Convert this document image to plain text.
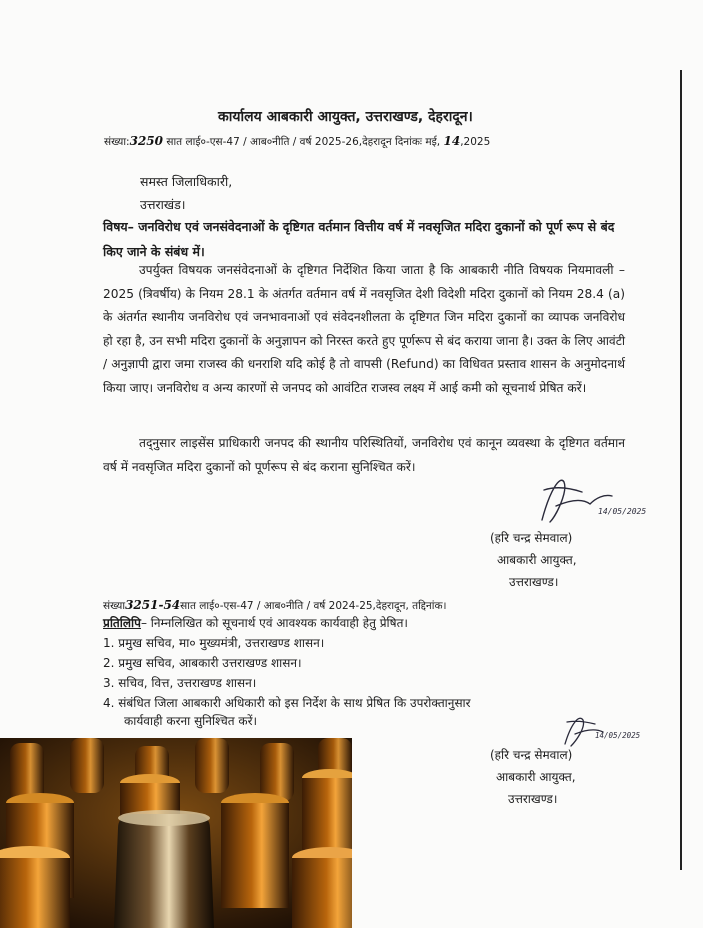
कार्यालय आबकारी आयुक्त, उत्तराखण्ड, देहरादून।
संख्या:3250 सात लाई०-एस-47 / आब०नीति / वर्ष 2025-26,देहरादून दिनांकः मई, 14,2025
समस्त जिलाधिकारी,
उत्तराखंड।
विषय– जनविरोध एवं जनसंवेदनाओं के दृष्टिगत वर्तमान वित्तीय वर्ष में नवसृजित मदिरा दुकानों को पूर्ण रूप से बंद किए जाने के संबंध में।
उपर्युक्त विषयक जनसंवेदनाओं के दृष्टिगत निर्देशित किया जाता है कि आबकारी नीति विषयक नियमावली – 2025 (त्रिवर्षीय) के नियम 28.1 के अंतर्गत वर्तमान वर्ष में नवसृजित देशी विदेशी मदिरा दुकानों को नियम 28.4 (a) के अंतर्गत स्थानीय जनविरोध एवं जनभावनाओं एवं संवेदनशीलता के दृष्टिगत जिन मदिरा दुकानों का व्यापक जनविरोध हो रहा है, उन सभी मदिरा दुकानों के अनुज्ञापन को निरस्त करते हुए पूर्णरूप से बंद कराया जाना है। उक्त के लिए आवंटी / अनुज्ञापी द्वारा जमा राजस्व की धनराशि यदि कोई है तो वापसी (Refund) का विधिवत प्रस्ताव शासन के अनुमोदनार्थ किया जाए। जनविरोध व अन्य कारणों से जनपद को आवंटित राजस्व लक्ष्य में आई कमी को सूचनार्थ प्रेषित करें।
तद्नुसार लाइसेंस प्राधिकारी जनपद की स्थानीय परिस्थितियों, जनविरोध एवं कानून व्यवस्था के दृष्टिगत वर्तमान वर्ष में नवसृजित मदिरा दुकानों को पूर्णरूप से बंद कराना सुनिश्चित करें।
14/05/2025
(हरि चन्द्र सेमवाल)
आबकारी आयुक्त,
उत्तराखण्ड।
संख्या3251-54सात लाई०-एस-47 / आब०नीति / वर्ष 2024-25,देहरादून, तद्दिनांक।
प्रतिलिपि– निम्नलिखित को सूचनार्थ एवं आवश्यक कार्यवाही हेतु प्रेषित।
1. प्रमुख सचिव, मा० मुख्यमंत्री, उत्तराखण्ड शासन।
2. प्रमुख सचिव, आबकारी उत्तराखण्ड शासन।
3. सचिव, वित्त, उत्तराखण्ड शासन।
4. संबंधित जिला आबकारी अधिकारी को इस निर्देश के साथ प्रेषित कि उपरोक्तानुसार
कार्यवाही करना सुनिश्चित करें।
14/05/2025
(हरि चन्द्र सेमवाल)
आबकारी आयुक्त,
उत्तराखण्ड।
